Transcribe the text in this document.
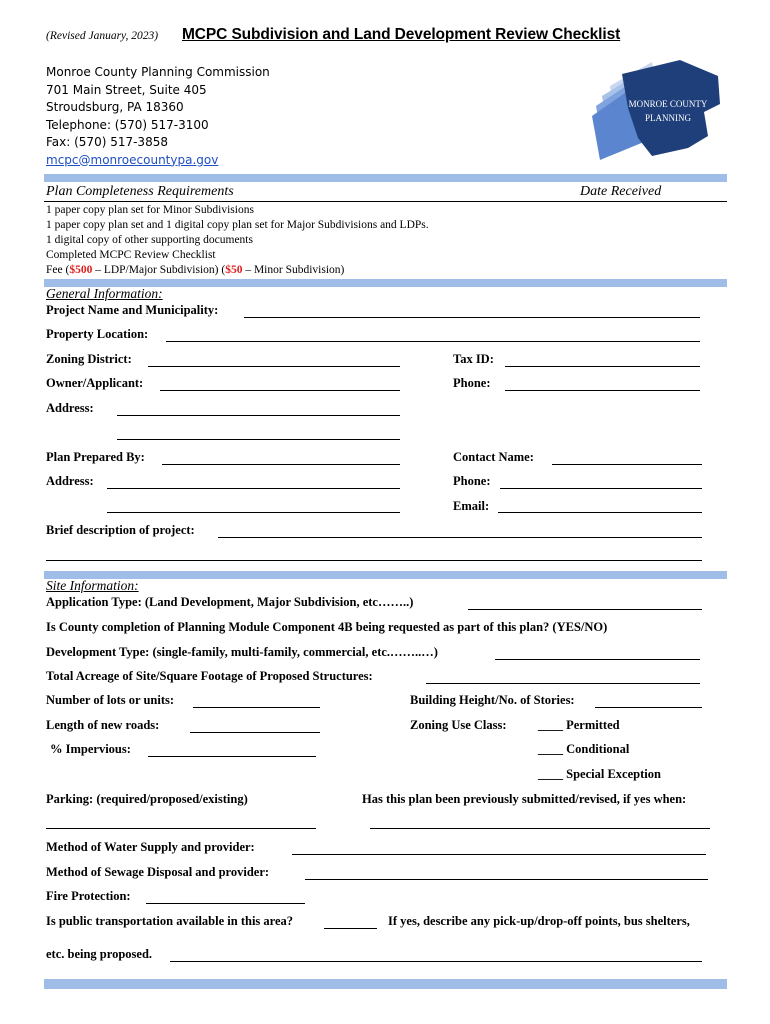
(Revised January, 2023) MCPC Subdivision and Land Development Review Checklist
Monroe County Planning Commission
701 Main Street, Suite 405
Stroudsburg, PA 18360
Telephone: (570) 517-3100
Fax: (570) 517-3858
mcpc@monroecountypa.gov
MONROE COUNTY
PLANNING
Plan Completeness Requirements	Date Received
1 paper copy plan set for Minor Subdivisions
1 paper copy plan set and 1 digital copy plan set for Major Subdivisions and LDPs.
1 digital copy of other supporting documents
Completed MCPC Review Checklist
Fee ($500 – LDP/Major Subdivision) ($50 – Minor Subdivision)
General Information:
Project Name and Municipality:
Property Location:
Zoning District:	Tax ID:
Owner/Applicant:	Phone:
Address:
Plan Prepared By:	Contact Name:
Address:	Phone:
Email:
Brief description of project:
Site Information:
Application Type: (Land Development, Major Subdivision, etc……..)
Is County completion of Planning Module Component 4B being requested as part of this plan? (YES/NO)
Development Type: (single-family, multi-family, commercial, etc.……..…)
Total Acreage of Site/Square Footage of Proposed Structures:
Number of lots or units:	Building Height/No. of Stories:
Length of new roads:	Zoning Use Class:	____ Permitted
% Impervious:	____ Conditional
____ Special Exception
Parking: (required/proposed/existing)	Has this plan been previously submitted/revised, if yes when:
Method of Water Supply and provider:
Method of Sewage Disposal and provider:
Fire Protection:
Is public transportation available in this area?	If yes, describe any pick-up/drop-off points, bus shelters,
etc. being proposed.
